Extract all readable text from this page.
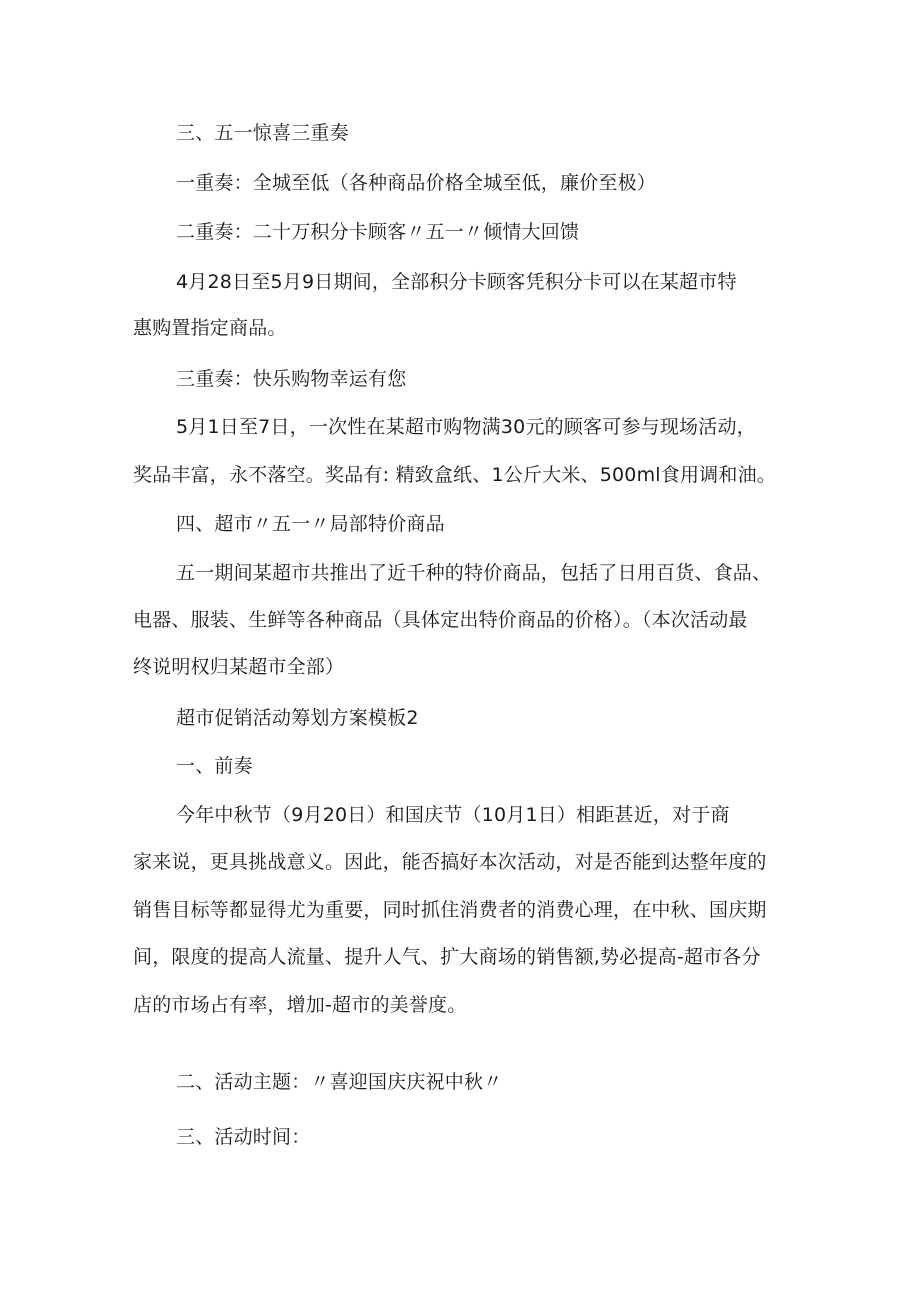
三、五一惊喜三重奏
一重奏：全城至低（各种商品价格全城至低，廉价至极）
二重奏：二十万积分卡顾客〃五一〃倾情大回馈
4月28日至5月9日期间，全部积分卡顾客凭积分卡可以在某超市特
惠购置指定商品。
三重奏：快乐购物幸运有您
5月1日至7日，一次性在某超市购物满30元的顾客可参与现场活动，
奖品丰富，永不落空。奖品有: 精致盒纸、1公斤大米、500ml食用调和油。
四、超市〃五一〃局部特价商品
五一期间某超市共推出了近千种的特价商品，包括了日用百货、食品、
电器、服装、生鲜等各种商品（具体定出特价商品的价格）。（本次活动最
终说明权归某超市全部）
超市促销活动筹划方案模板2
一、前奏
今年中秋节（9月20日）和国庆节（10月1日）相距甚近，对于商
家来说，更具挑战意义。因此，能否搞好本次活动，对是否能到达整年度的
销售目标等都显得尤为重要，同时抓住消费者的消费心理，在中秋、国庆期
间，限度的提高人流量、提升人气、扩大商场的销售额,势必提高-超市各分
店的市场占有率，增加-超市的美誉度。
二、活动主题：〃喜迎国庆庆祝中秋〃
三、活动时间：
